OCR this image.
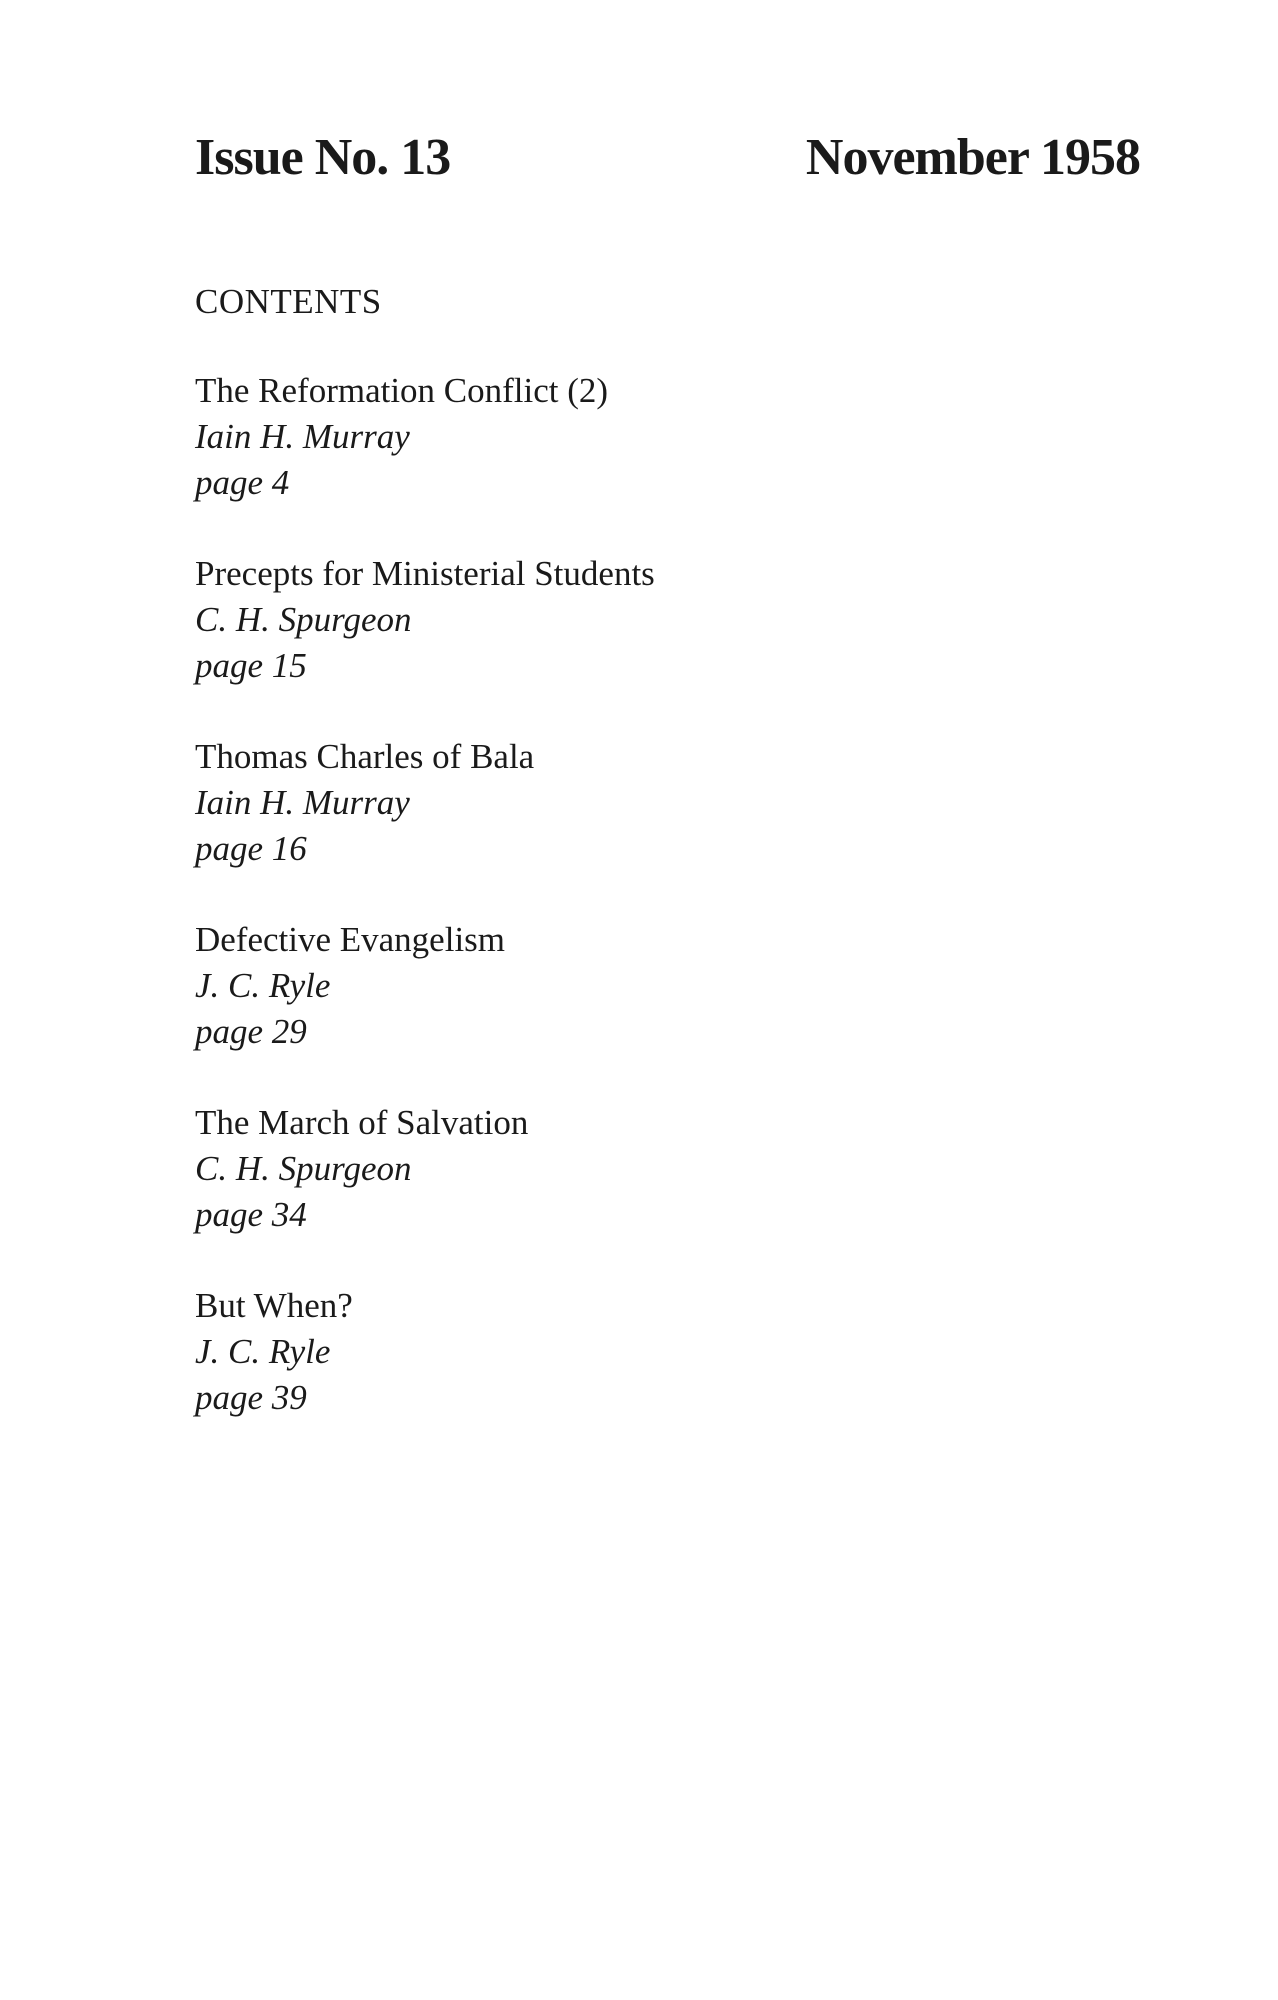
Issue No. 13	November 1958
CONTENTS
The Reformation Conflict (2)
Iain H. Murray
page 4
Precepts for Ministerial Students
C. H. Spurgeon
page 15
Thomas Charles of Bala
Iain H. Murray
page 16
Defective Evangelism
J. C. Ryle
page 29
The March of Salvation
C. H. Spurgeon
page 34
But When?
J. C. Ryle
page 39
